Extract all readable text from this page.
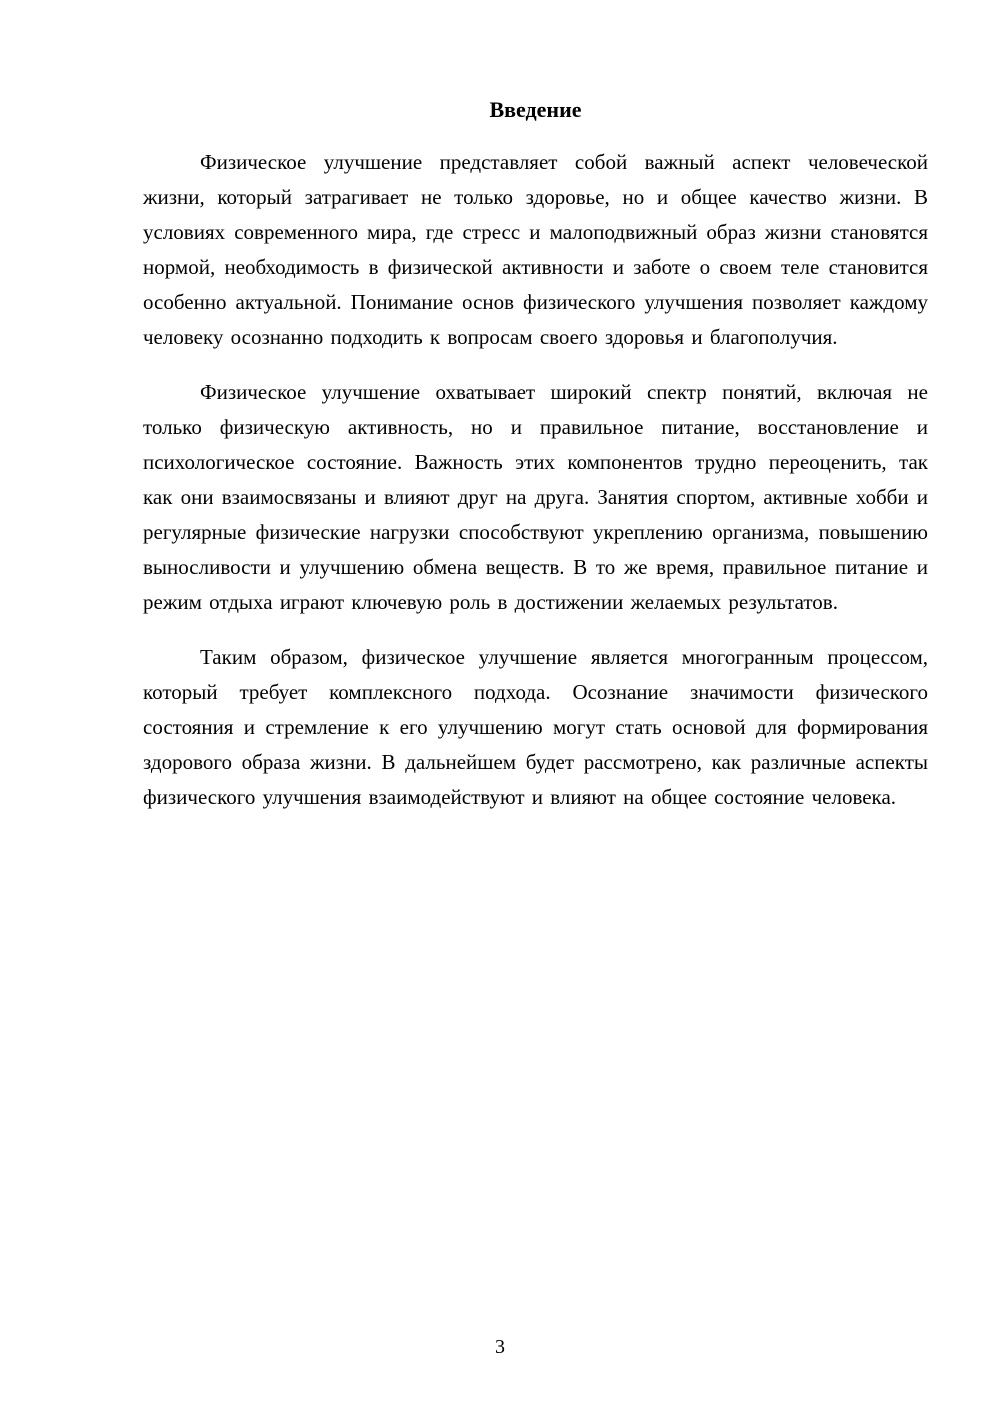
Введение

Физическое улучшение представляет собой важный аспект человеческой жизни, который затрагивает не только здоровье, но и общее качество жизни. В условиях современного мира, где стресс и малоподвижный образ жизни становятся нормой, необходимость в физической активности и заботе о своем теле становится особенно актуальной. Понимание основ физического улучшения позволяет каждому человеку осознанно подходить к вопросам своего здоровья и благополучия.

Физическое улучшение охватывает широкий спектр понятий, включая не только физическую активность, но и правильное питание, восстановление и психологическое состояние. Важность этих компонентов трудно переоценить, так как они взаимосвязаны и влияют друг на друга. Занятия спортом, активные хобби и регулярные физические нагрузки способствуют укреплению организма, повышению выносливости и улучшению обмена веществ. В то же время, правильное питание и режим отдыха играют ключевую роль в достижении желаемых результатов.

Таким образом, физическое улучшение является многогранным процессом, который требует комплексного подхода. Осознание значимости физического состояния и стремление к его улучшению могут стать основой для формирования здорового образа жизни. В дальнейшем будет рассмотрено, как различные аспекты физического улучшения взаимодействуют и влияют на общее состояние человека.

3
